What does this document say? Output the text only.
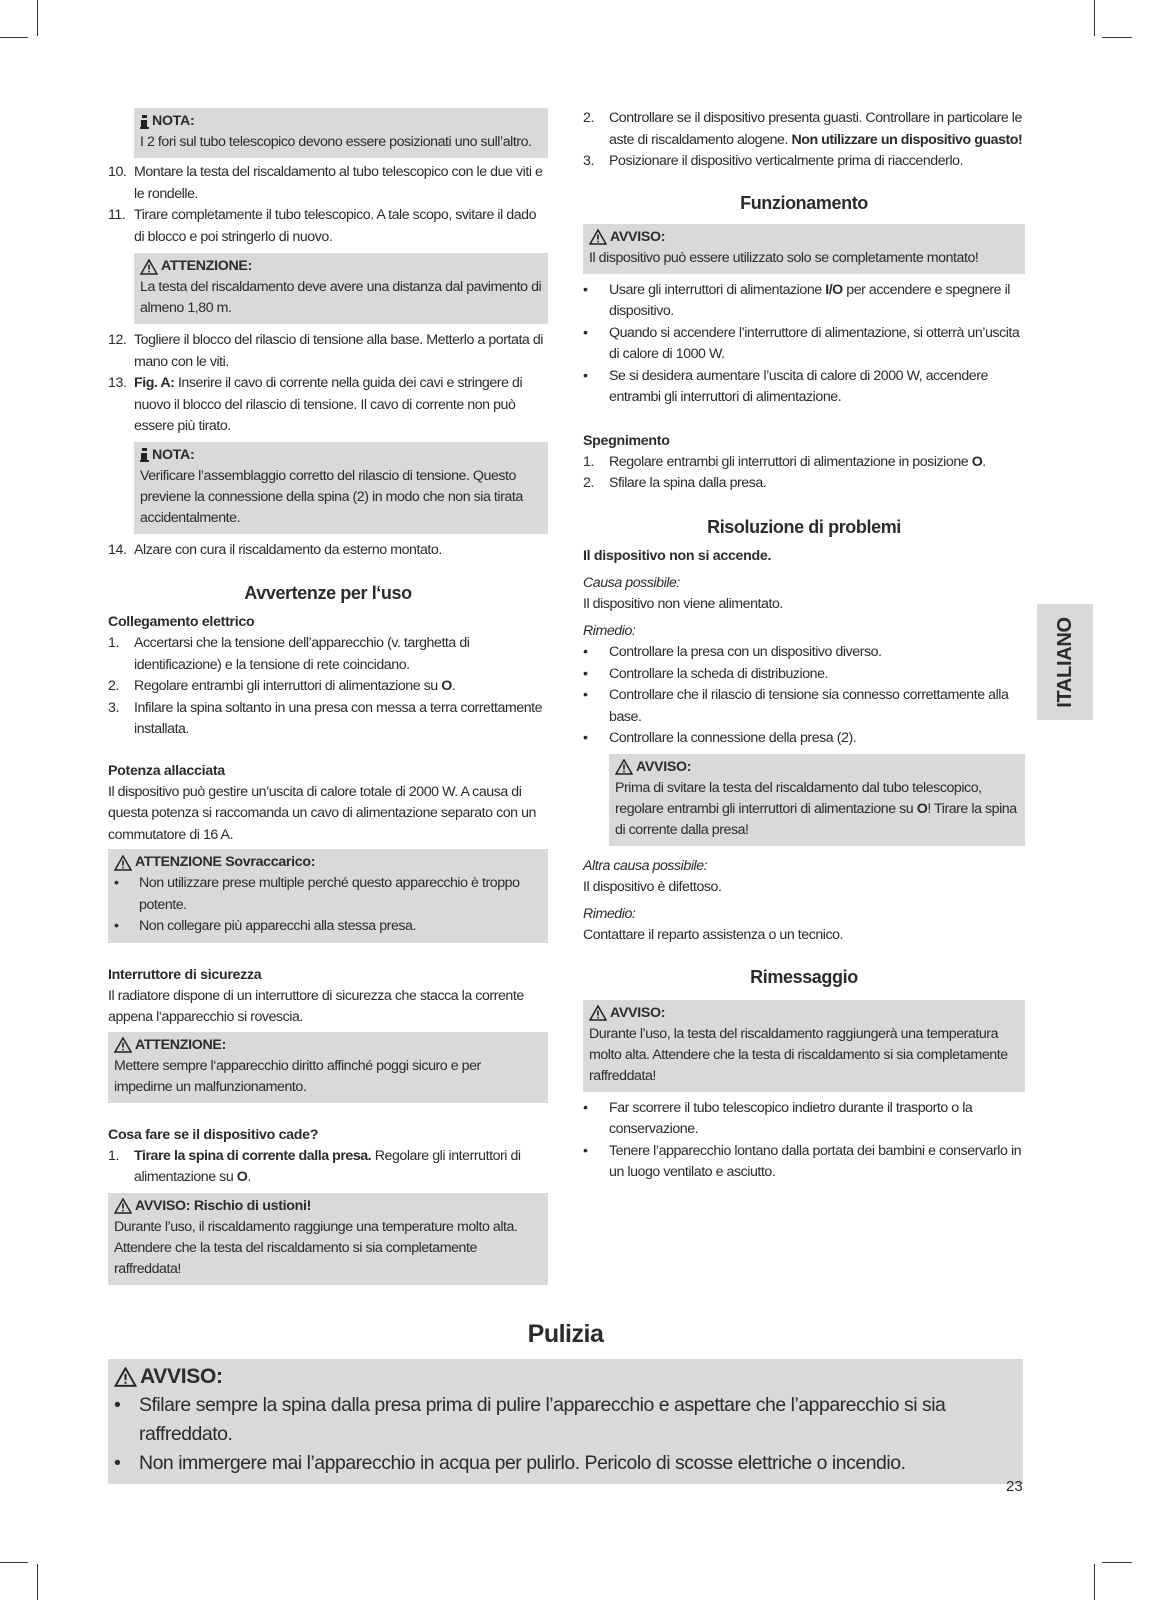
NOTA:
I 2 fori sul tubo telescopico devono essere posizionati uno sull’altro.
10. Montare la testa del riscaldamento al tubo telescopico con le due viti e le rondelle.
11. Tirare completamente il tubo telescopico. A tale scopo, svitare il dado di blocco e poi stringerlo di nuovo.
ATTENZIONE:
La testa del riscaldamento deve avere una distanza dal pavimento di almeno 1,80 m.
12. Togliere il blocco del rilascio di tensione alla base. Metterlo a portata di mano con le viti.
13. Fig. A: Inserire il cavo di corrente nella guida dei cavi e stringere di nuovo il blocco del rilascio di tensione. Il cavo di corrente non può essere più tirato.
NOTA:
Verificare l’assemblaggio corretto del rilascio di tensione. Questo previene la connessione della spina (2) in modo che non sia tirata accidentalmente.
14. Alzare con cura il riscaldamento da esterno montato.
Avvertenze per l‘uso
Collegamento elettrico
1. Accertarsi che la tensione dell’apparecchio (v. targhetta di identificazione) e la tensione di rete coincidano.
2. Regolare entrambi gli interruttori di alimentazione su O.
3. Infilare la spina soltanto in una presa con messa a terra correttamente installata.
Potenza allacciata

Il dispositivo può gestire un’uscita di calore totale di 2000 W. A causa di questa potenza si raccomanda un cavo di alimentazione separato con un commutatore di 16 A.

ATTENZIONE Sovraccarico:
• Non utilizzare prese multiple perché questo apparecchio è troppo potente.
• Non collegare più apparecchi alla stessa presa.
Interruttore di sicurezza

Il radiatore dispone di un interruttore di sicurezza che stacca la corrente appena l‘apparecchio si rovescia.

ATTENZIONE:
Mettere sempre l‘apparecchio diritto affinché poggi sicuro e per impedirne un malfunzionamento.
Cosa fare se il dispositivo cade?
1. Tirare la spina di corrente dalla presa. Regolare gli interruttori di alimentazione su O.
AVVISO: Rischio di ustioni!
Durante l’uso, il riscaldamento raggiunge una temperature molto alta. Attendere che la testa del riscaldamento si sia completamente raffreddata!
2. Controllare se il dispositivo presenta guasti. Controllare in particolare le aste di riscaldamento alogene. Non utilizzare un dispositivo guasto!
3. Posizionare il dispositivo verticalmente prima di riaccenderlo.
Funzionamento
AVVISO:
Il dispositivo può essere utilizzato solo se completamente montato!
• Usare gli interruttori di alimentazione I/O per accendere e spegnere il dispositivo.
• Quando si accendere l’interruttore di alimentazione, si otterrà un’uscita di calore di 1000 W.
• Se si desidera aumentare l’uscita di calore di 2000 W, accendere entrambi gli interruttori di alimentazione.
Spegnimento
1. Regolare entrambi gli interruttori di alimentazione in posizione O.
2. Sfilare la spina dalla presa.
Risoluzione di problemi
Il dispositivo non si accende.

Causa possibile:

Il dispositivo non viene alimentato.

Rimedio:

• Controllare la presa con un dispositivo diverso.
• Controllare la scheda di distribuzione.
• Controllare che il rilascio di tensione sia connesso correttamente alla base.
• Controllare la connessione della presa (2).
AVVISO:
Prima di svitare la testa del riscaldamento dal tubo telescopico, regolare entrambi gli interruttori di alimentazione su O! Tirare la spina di corrente dalla presa!

Altra causa possibile:

Il dispositivo è difettoso.

Rimedio:

Contattare il reparto assistenza o un tecnico.

Rimessaggio
AVVISO:
Durante l’uso, la testa del riscaldamento raggiungerà una temperatura molto alta. Attendere che la testa di riscaldamento si sia completamente raffreddata!
• Far scorrere il tubo telescopico indietro durante il trasporto o la conservazione.
• Tenere l’apparecchio lontano dalla portata dei bambini e conservarlo in un luogo ventilato e asciutto.
ITALIANO
Pulizia
AVVISO:
• Sfilare sempre la spina dalla presa prima di pulire l’apparecchio e aspettare che l’apparecchio si sia raffreddato.
• Non immergere mai l’apparecchio in acqua per pulirlo. Pericolo di scosse elettriche o incendio.
23
